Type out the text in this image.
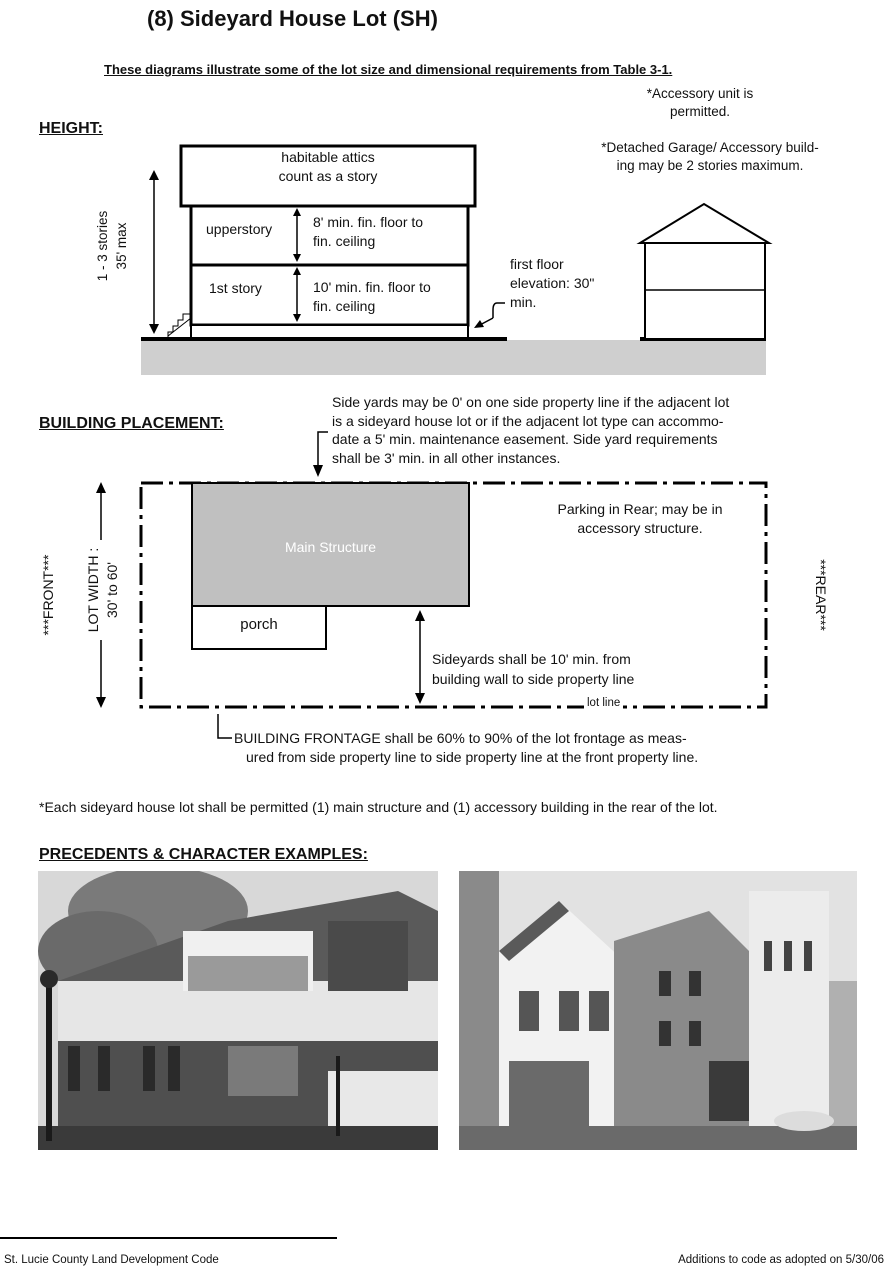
(8) Sideyard House Lot (SH)
These diagrams illustrate some of the lot size and dimensional requirements from Table 3-1.
HEIGHT:
*Accessory unit is
permitted.
*Detached Garage/ Accessory build-
ing may be 2 stories maximum.
habitable attics
count as a story
upperstory	8' min. fin. floor to
fin. ceiling
1st story	10' min. fin. floor to
fin. ceiling
first floor
elevation: 30"
min.
1 - 3 stories 35' max
BUILDING PLACEMENT:
Side yards may be 0' on one side property line if the adjacent lot
is a sideyard house lot or if the adjacent lot type can accommo-
date a 5' min. maintenance easement. Side yard requirements
shall be 3' min. in all other instances.
Parking in Rear; may be in
accessory structure.
Main Structure
porch
Sideyards shall be 10' min. from
building wall to side property line
lot line
***FRONT***	***REAR***
LOT WIDTH : 30' to 60'
BUILDING FRONTAGE shall be 60% to 90% of the lot frontage as meas-
ured from side property line to side property line at the front property line.
*Each sideyard house lot shall be permitted (1) main structure and (1) accessory building in the rear of the lot.
PRECEDENTS & CHARACTER EXAMPLES:
St. Lucie County Land Development Code	Additions to code as adopted on 5/30/06
